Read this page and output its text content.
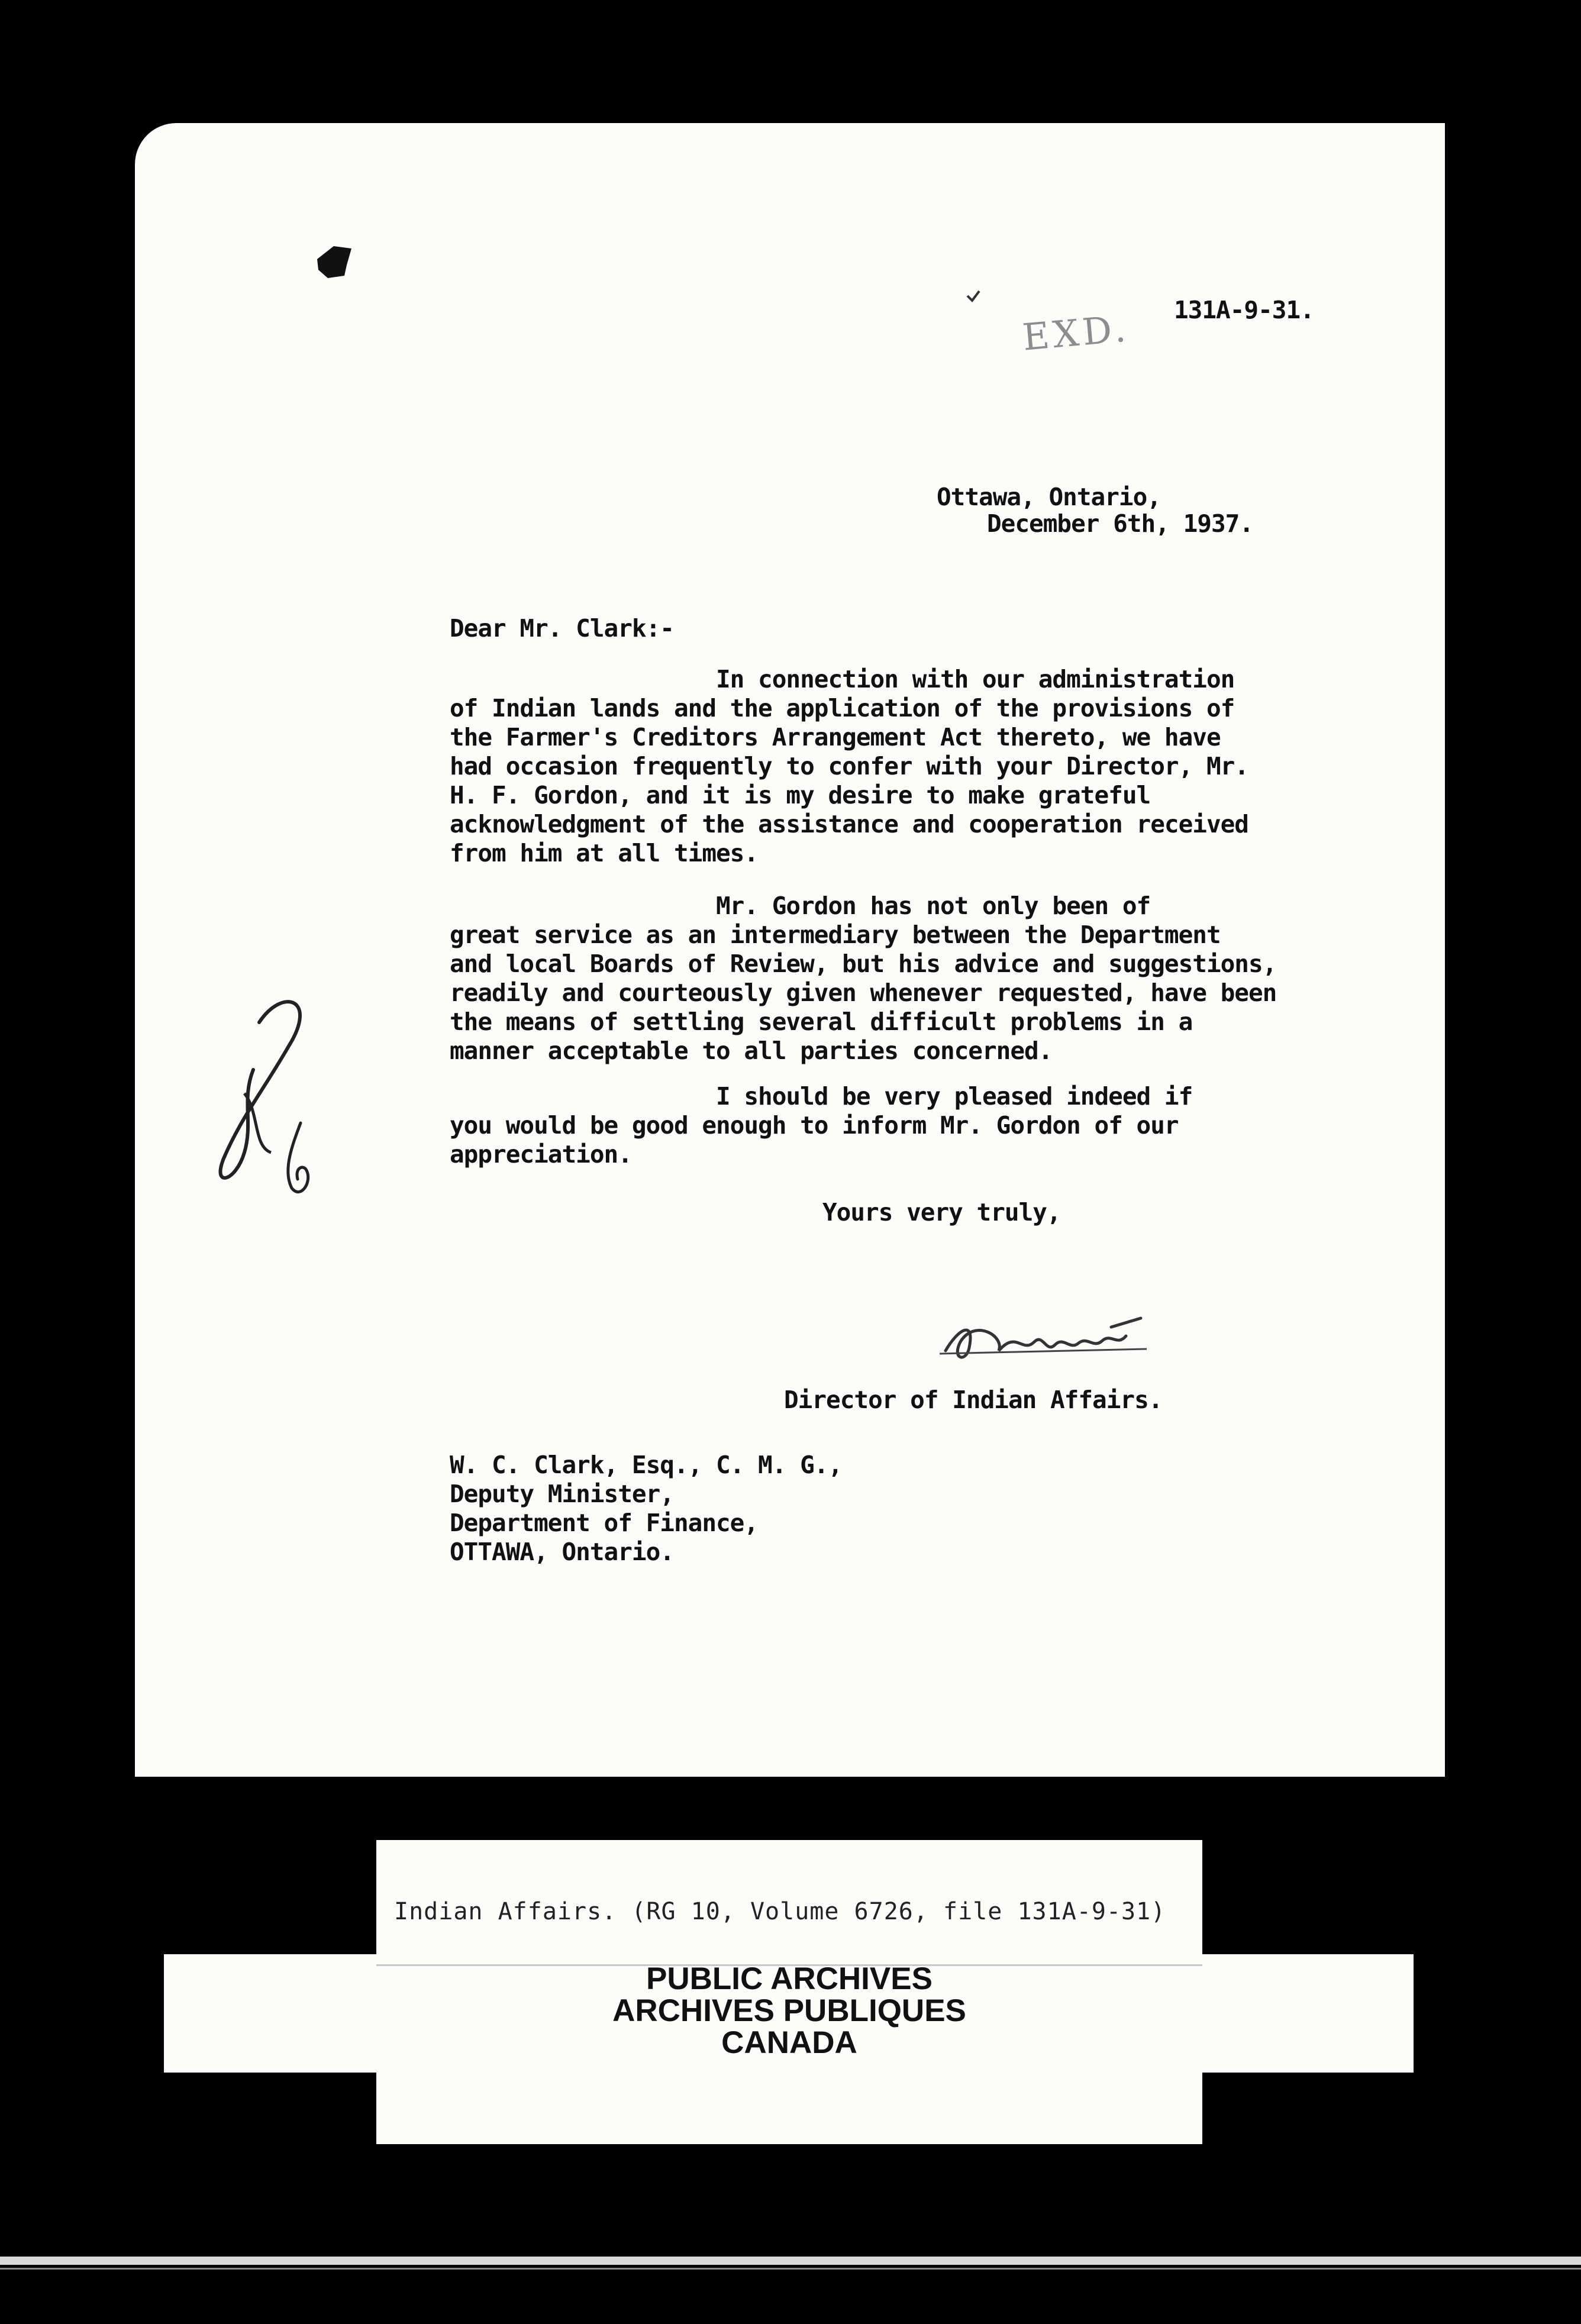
EXD. 131A-9-31.
Ottawa, Ontario,
December 6th, 1937.
Dear Mr. Clark:-
In connection with our administration
of Indian lands and the application of the provisions of
the Farmer's Creditors Arrangement Act thereto, we have
had occasion frequently to confer with your Director, Mr.
H. F. Gordon, and it is my desire to make grateful
acknowledgment of the assistance and cooperation received
from him at all times.
Mr. Gordon has not only been of
great service as an intermediary between the Department
and local Boards of Review, but his advice and suggestions,
readily and courteously given whenever requested, have been
the means of settling several difficult problems in a
manner acceptable to all parties concerned.
I should be very pleased indeed if
you would be good enough to inform Mr. Gordon of our
appreciation.
Yours very truly,
Director of Indian Affairs.
W. C. Clark, Esq., C. M. G.,
Deputy Minister,
Department of Finance,
OTTAWA, Ontario.
Indian Affairs. (RG 10, Volume 6726, file 131A-9-31)
PUBLIC ARCHIVES
ARCHIVES PUBLIQUES
CANADA
